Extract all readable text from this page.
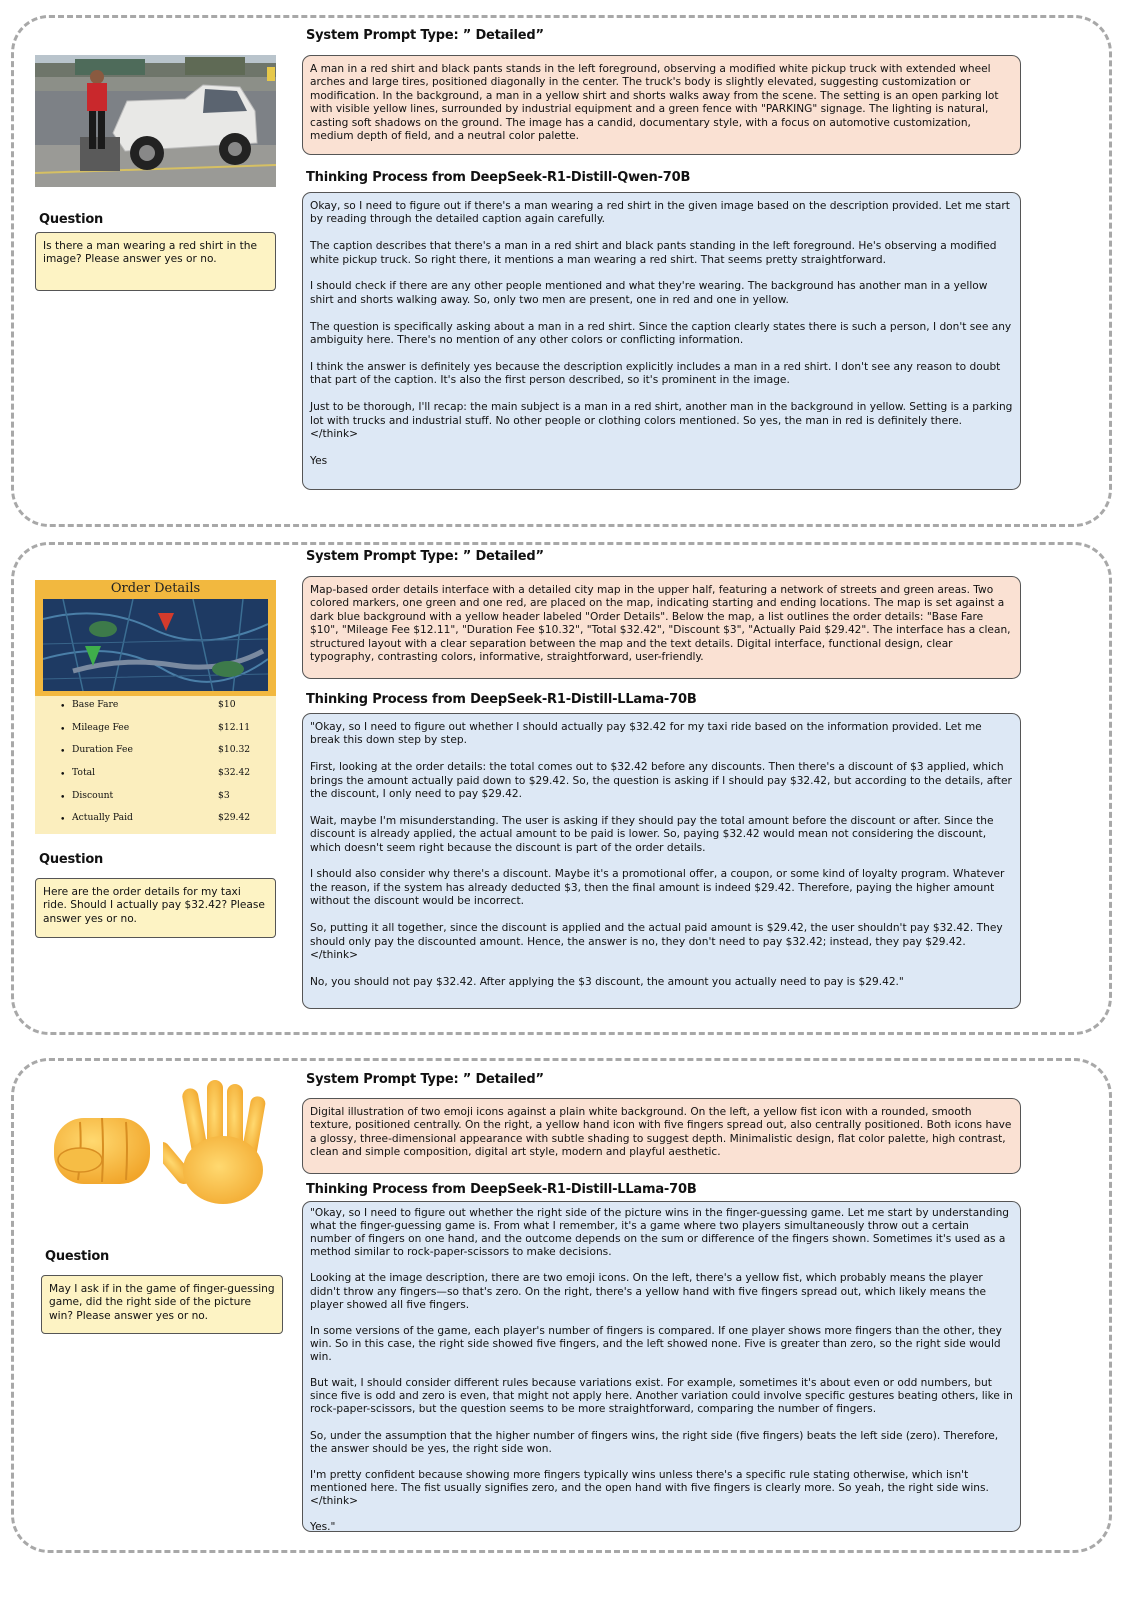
Question
Is there a man wearing a red shirt in the image? Please answer yes or no.
System Prompt Type: ” Detailed”
A man in a red shirt and black pants stands in the left foreground, observing a modified white pickup truck with extended wheel arches and large tires, positioned diagonally in the center. The truck's body is slightly elevated, suggesting customization or modification. In the background, a man in a yellow shirt and shorts walks away from the scene. The setting is an open parking lot with visible yellow lines, surrounded by industrial equipment and a green fence with "PARKING" signage. The lighting is natural, casting soft shadows on the ground. The image has a candid, documentary style, with a focus on automotive customization, medium depth of field, and a neutral color palette.
Thinking Process from DeepSeek-R1-Distill-Qwen-70B
Okay, so I need to figure out if there's a man wearing a red shirt in the given image based on the description provided. Let me start by reading through the detailed caption again carefully.

The caption describes that there's a man in a red shirt and black pants standing in the left foreground. He's observing a modified white pickup truck. So right there, it mentions a man wearing a red shirt. That seems pretty straightforward.

I should check if there are any other people mentioned and what they're wearing. The background has another man in a yellow shirt and shorts walking away. So, only two men are present, one in red and one in yellow.

The question is specifically asking about a man in a red shirt. Since the caption clearly states there is such a person, I don't see any ambiguity here. There's no mention of any other colors or conflicting information.

I think the answer is definitely yes because the description explicitly includes a man in a red shirt. I don't see any reason to doubt that part of the caption. It's also the first person described, so it's prominent in the image.

Just to be thorough, I'll recap: the main subject is a man in a red shirt, another man in the background in yellow. Setting is a parking lot with trucks and industrial stuff. No other people or clothing colors mentioned. So yes, the man in red is definitely there.
</think>

Yes
Order Details
• Base Fare	$10
• Mileage Fee	$12.11
• Duration Fee	$10.32
• Total	$32.42
• Discount	$3
• Actually Paid	$29.42
Question
Here are the order details for my taxi ride. Should I actually pay $32.42? Please answer yes or no.
System Prompt Type: ” Detailed”
Map-based order details interface with a detailed city map in the upper half, featuring a network of streets and green areas. Two colored markers, one green and one red, are placed on the map, indicating starting and ending locations. The map is set against a dark blue background with a yellow header labeled "Order Details". Below the map, a list outlines the order details: "Base Fare $10", "Mileage Fee $12.11", "Duration Fee $10.32", "Total $32.42", "Discount $3", "Actually Paid $29.42". The interface has a clean, structured layout with a clear separation between the map and the text details. Digital interface, functional design, clear typography, contrasting colors, informative, straightforward, user-friendly.
Thinking Process from DeepSeek-R1-Distill-LLama-70B
"Okay, so I need to figure out whether I should actually pay $32.42 for my taxi ride based on the information provided. Let me break this down step by step.

First, looking at the order details: the total comes out to $32.42 before any discounts. Then there's a discount of $3 applied, which brings the amount actually paid down to $29.42. So, the question is asking if I should pay $32.42, but according to the details, after the discount, I only need to pay $29.42.

Wait, maybe I'm misunderstanding. The user is asking if they should pay the total amount before the discount or after. Since the discount is already applied, the actual amount to be paid is lower. So, paying $32.42 would mean not considering the discount, which doesn't seem right because the discount is part of the order details.

I should also consider why there's a discount. Maybe it's a promotional offer, a coupon, or some kind of loyalty program. Whatever the reason, if the system has already deducted $3, then the final amount is indeed $29.42. Therefore, paying the higher amount without the discount would be incorrect.

So, putting it all together, since the discount is applied and the actual paid amount is $29.42, the user shouldn't pay $32.42. They should only pay the discounted amount. Hence, the answer is no, they don't need to pay $32.42; instead, they pay $29.42.
</think>

No, you should not pay $32.42. After applying the $3 discount, the amount you actually need to pay is $29.42."
Question
May I ask if in the game of finger-guessing game, did the right side of the picture win? Please answer yes or no.
System Prompt Type: ” Detailed”
Digital illustration of two emoji icons against a plain white background. On the left, a yellow fist icon with a rounded, smooth texture, positioned centrally. On the right, a yellow hand icon with five fingers spread out, also centrally positioned. Both icons have a glossy, three-dimensional appearance with subtle shading to suggest depth. Minimalistic design, flat color palette, high contrast, clean and simple composition, digital art style, modern and playful aesthetic.
Thinking Process from DeepSeek-R1-Distill-LLama-70B
"Okay, so I need to figure out whether the right side of the picture wins in the finger-guessing game. Let me start by understanding what the finger-guessing game is. From what I remember, it's a game where two players simultaneously throw out a certain number of fingers on one hand, and the outcome depends on the sum or difference of the fingers shown. Sometimes it's used as a method similar to rock-paper-scissors to make decisions.

Looking at the image description, there are two emoji icons. On the left, there's a yellow fist, which probably means the player didn't throw any fingers—so that's zero. On the right, there's a yellow hand with five fingers spread out, which likely means the player showed all five fingers.

In some versions of the game, each player's number of fingers is compared. If one player shows more fingers than the other, they win. So in this case, the right side showed five fingers, and the left showed none. Five is greater than zero, so the right side would win.

But wait, I should consider different rules because variations exist. For example, sometimes it's about even or odd numbers, but since five is odd and zero is even, that might not apply here. Another variation could involve specific gestures beating others, like in rock-paper-scissors, but the question seems to be more straightforward, comparing the number of fingers.

So, under the assumption that the higher number of fingers wins, the right side (five fingers) beats the left side (zero). Therefore, the answer should be yes, the right side won.

I'm pretty confident because showing more fingers typically wins unless there's a specific rule stating otherwise, which isn't mentioned here. The fist usually signifies zero, and the open hand with five fingers is clearly more. So yeah, the right side wins.
</think>

Yes."
